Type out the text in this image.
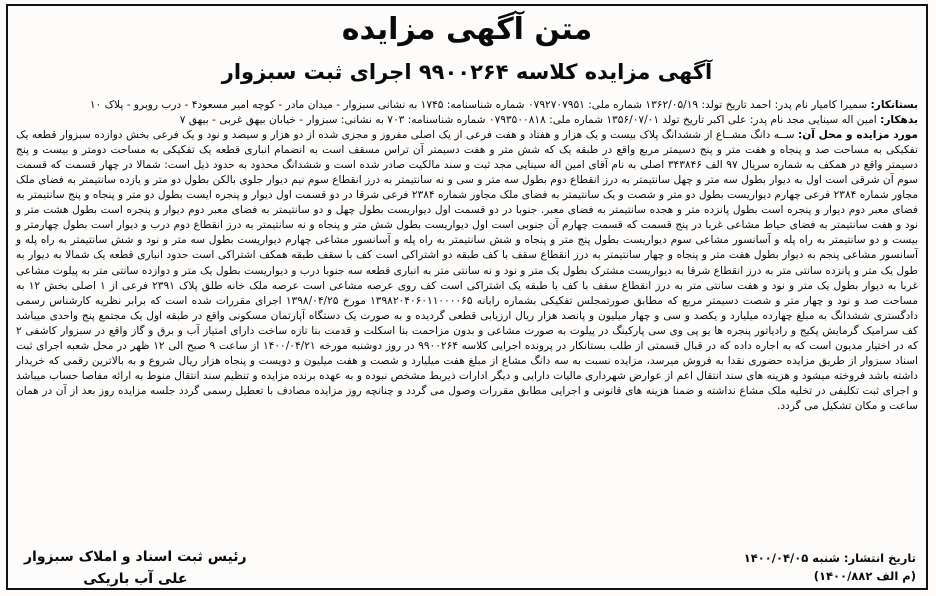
متن آگهی مزایده
آگهی مزایده کلاسه ۹۹۰۰۲۶۴ اجرای ثبت سبزوار

بستانکار: سمیرا کامیار نام پدر: احمد تاریخ تولد: ۱۳۶۲/۰۵/۱۹ شماره ملی: ۰۷۹۲۷۰۷۹۵۱ شماره شناسنامه: ۱۷۴۵ به نشانی سبزوار - میدان مادر - کوچه امیر مسعود۴ - درب روبرو - پلاک ۱۰

بدهکار: امین اله سینایی مجد نام پدر: علی اکبر تاریخ تولد ۱۳۵۶/۰۷/۰۱ شماره ملی: ۰۷۹۳۵۰۰۸۱۸ شماره شناسنامه: ۷۰۳ به نشانی: سبزوار - خیابان بیهق غربی - بیهق ۷

مورد مزایده و محل آن: ســه دانگ مشــاع از ششدانگ پلاک بیست و یک هزار و هفتاد و هفت فرعی از یک اصلی مفروز و مجزی شده از دو هزار و سیصد و نود و یک فرعی بخش دوازده سبزوار قطعه یک تفکیکی به مساحت صد و پنجاه و هفت متر و پنج دسیمتر مربع واقع در طبقه یک که شش متر و هفت دسیمتر آن تراس مسقف است به انضمام انباری قطعه یک تفکیکی به مساحت دومتر و بیست و پنج دسیمتر واقع در همکف به شماره سریال ۹۷ الف ۳۴۳۸۴۶ اصلی به نام آقای امین اله سینایی مجد ثبت و سند مالکیت صادر شده است و ششدانگ محدود به حدود ذیل است: شمالا در چهار قسمت که قسمت سوم آن شرقی است اول به دیوار بطول سه متر و چهل سانتیمتر به درز انقطاع دوم بطول سه متر و سی و نه سانتیمتر به درز انقطاع سوم نیم دیوار جلوی بالکن بطول دو متر و یازده سانتیمتر به فضای ملک مجاور شماره ۲۳۸۴ فرعی چهارم دیواریست بطول دو متر و شصت و یک سانتیمتر به فضای ملک مجاور شماره ۲۳۸۴ فرعی شرقا در دو قسمت اول دیوار و پنجره ایست بطول دو متر و پنجاه و پنج سانتیمتر به فضای معبر دوم دیوار و پنجره است بطول پانزده متر و هجده سانتیمتر به فضای معبر. جنوبا در دو قسمت اول دیواریست بطول چهل و دو سانتیمتر به فضای معبر دوم دیوار و پنجره است بطول هشت متر و نود و هفت سانتیمتر به فضای حیاط مشاعی غربا در پنج قسمت که قسمت چهارم آن جنوبی است اول دیواریست بطول شش متر و پنجاه و نه سانتیمتر به درز انقطاع دوم درب و دیوار است بطول چهارمتر و بیست و دو سانتیمتر به راه پله و آسانسور مشاعی سوم دیواریست بطول پنج متر و پنجاه و شش سانتیمتر به راه پله و آسانسور مشاعی چهارم دیواریست بطول سه متر و نود و شش سانتیمتر به راه پله و آسانسور مشاعی پنجم به دیوار بطول هفت متر و پنجاه و چهار سانتیمتر به درز انقطاع سقف با کف طبقه دو اشتراکی است کف با سقف طبقه همکف اشتراکی است حدود انباری قطعه یک شمالا به دیوار به طول یک متر و پانزده سانتی متر به درز انقطاع شرقا به دیواریست مشترک بطول یک متر و نود و نه سانتی متر به انباری قطعه سه جنوبا درب و دیواریست بطول یک متر و دوازده سانتی متر به پیلوت مشاعی غربا به دیوار بطول یک متر و نود و هفت سانتی متر به درز انقطاع سقف با کف با طبقه یک اشتراکی است کف روی عرصه مشاعی است عرصه ملک خانه طلق پلاک ۲۳۹۱ فرعی از ۱ اصلی بخش ۱۲ به مساحت صد و نود و چهار متر و شصت دسیمتر مربع که مطابق صورتمجلس تفکیکی بشماره رابانه ۱۳۹۸۲۰۴۰۶۰۱۱۰۰۰۰۶۵ مورخ ۱۳۹۸/۰۴/۲۵ اجرای مقررات شده است که برابر نظریه کارشناس رسمی دادگستری ششدانگ به مبلغ چهارده میلیارد و یکصد و سی و چهار میلیون و پانصد هزار ریال ارزیابی قطعی گردیده و به صورت یک دستگاه آپارتمان مسکونی واقع در طبقه اول یک مجتمع پنج واحدی میباشد کف سرامیک گرمایش پکیج و رادیاتور پنجره ها یو پی وی سی پارکینگ در پیلوت به صورت مشاعی و بدون مزاحمت بنا اسکلت و قدمت بنا تازه ساخت دارای امتیاز آب و برق و گاز واقع در سبزوار کاشفی ۲ که در اختیار مدیون است که به اجاره داده که در قبال قسمتی از طلب بستانکار در پرونده اجرایی کلاسه ۹۹۰۰۲۶۴ در روز دوشنبه مورخه ۱۴۰۰/۰۴/۲۱ از ساعت ۹ صبح الی ۱۲ ظهر در محل شعبه اجرای ثبت اسناد سبزوار از طریق مزایده حضوری نقدا به فروش میرسد، مزایده نسبت به سه دانگ مشاع از مبلغ هفت میلیارد و شصت و هفت میلیون و دویست و پنجاه هزار ریال شروع و به بالاترین رقمی که خریدار داشته باشد فروخته میشود و هزینه های سند انتقال اعم از عوارض شهرداری مالیات دارایی و دیگر ادارات ذیربط مشخص نبوده و به عهده برنده مزایده و تنظیم سند انتقال منوط به ارائه مفاصا حساب میباشد و اجرای ثبت تکلیفی در تخلیه ملک مشاع نداشته و ضمنا هزینه های قانونی و اجرایی مطابق مقررات وصول می گردد و چنانچه روز مزایده مصادف با تعطیل رسمی گردد جلسه مزایده روز بعد از آن در همان ساعت و مکان تشکیل می گردد.

تاریخ انتشار: شنبه ۱۴۰۰/۰۴/۰۵
(م الف ۱۴۰۰/۸۸۲)
رئیس ثبت اسناد و املاک سبزوار
علی آب باریکی
